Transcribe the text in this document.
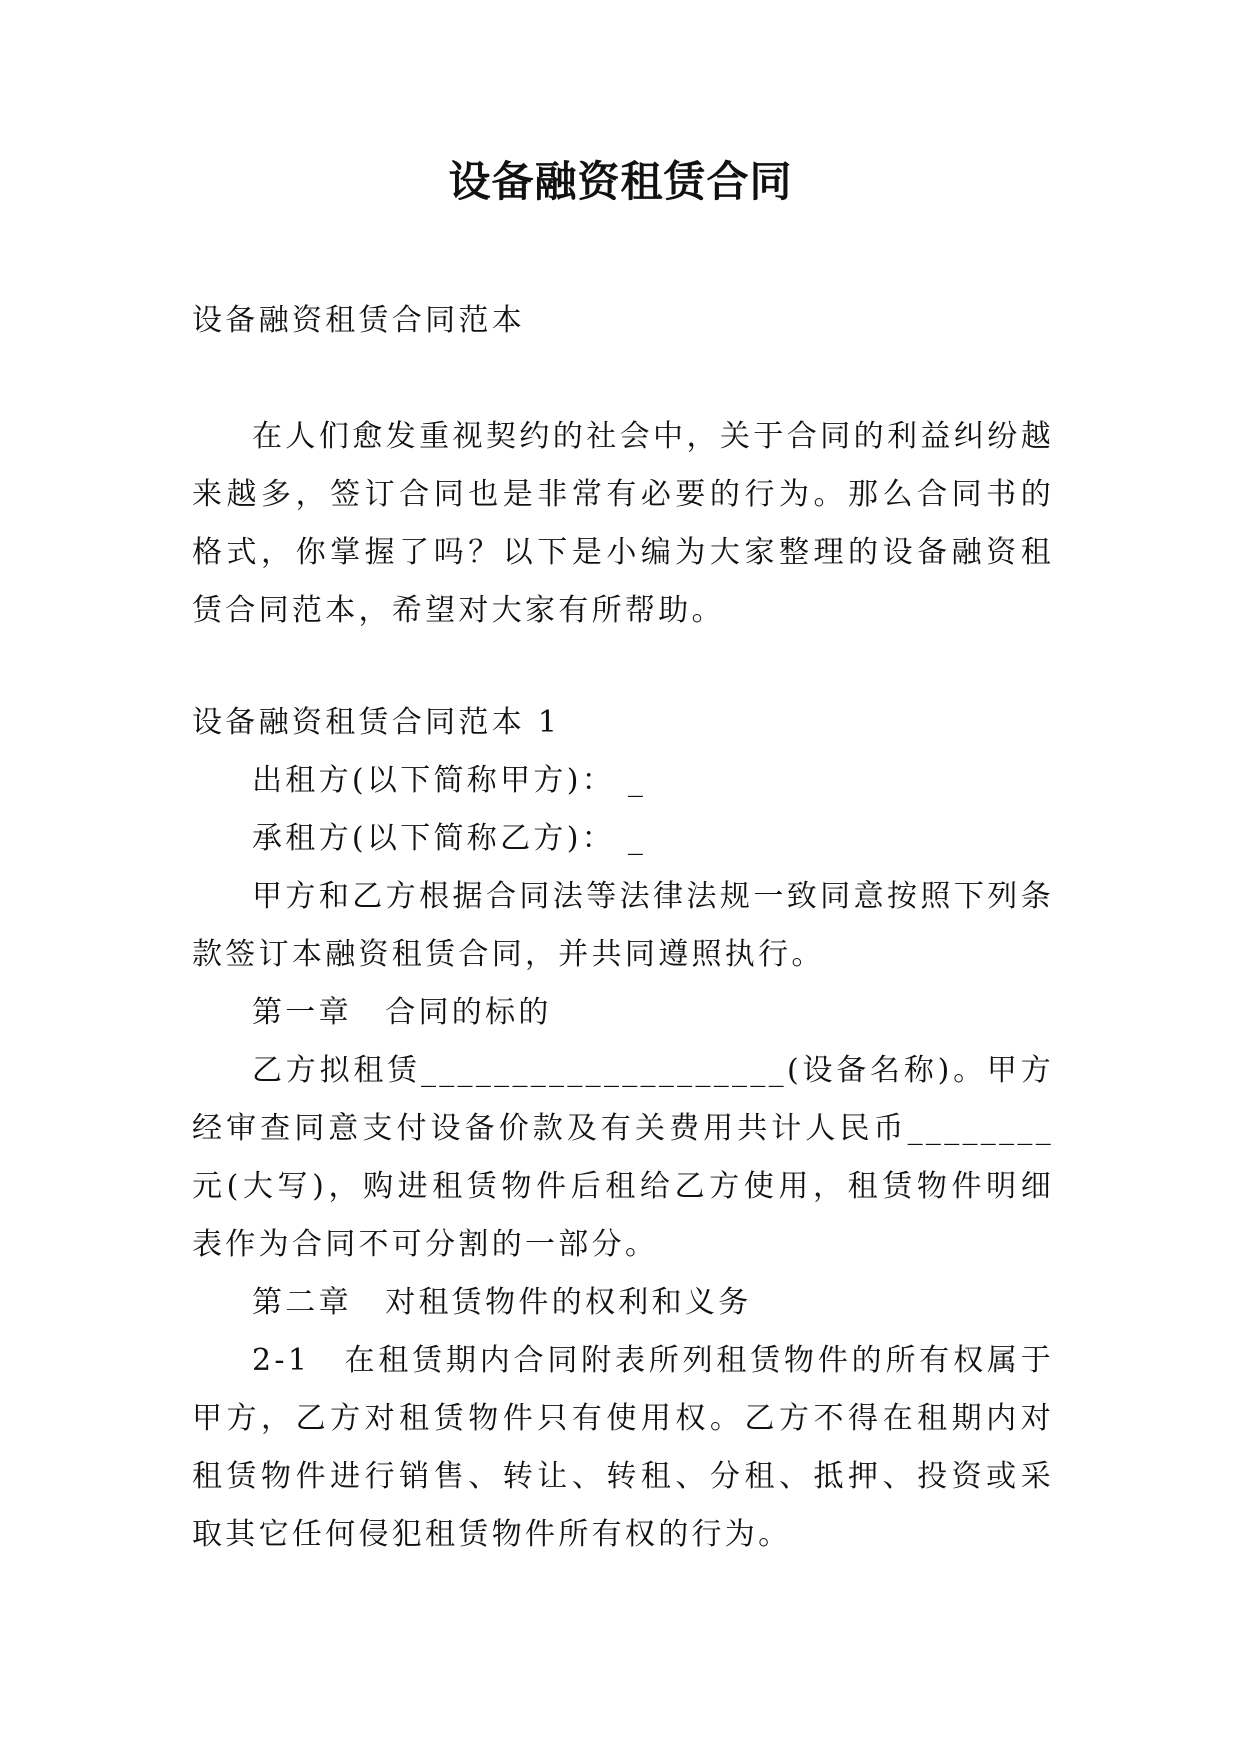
设备融资租赁合同

设备融资租赁合同范本

在人们愈发重视契约的社会中，关于合同的利益纠纷越来越多，签订合同也是非常有必要的行为。那么合同书的格式，你掌握了吗？以下是小编为大家整理的设备融资租赁合同范本，希望对大家有所帮助。

设备融资租赁合同范本 1

出租方(以下简称甲方)： _

承租方(以下简称乙方)： _

甲方和乙方根据合同法等法律法规一致同意按照下列条款签订本融资租赁合同，并共同遵照执行。

第一章　合同的标的

乙方拟租赁____________________(设备名称)。甲方经审查同意支付设备价款及有关费用共计人民币________元(大写)，购进租赁物件后租给乙方使用，租赁物件明细表作为合同不可分割的一部分。

第二章　对租赁物件的权利和义务

2-1　在租赁期内合同附表所列租赁物件的所有权属于甲方，乙方对租赁物件只有使用权。乙方不得在租期内对租赁物件进行销售、转让、转租、分租、抵押、投资或采取其它任何侵犯租赁物件所有权的行为。
